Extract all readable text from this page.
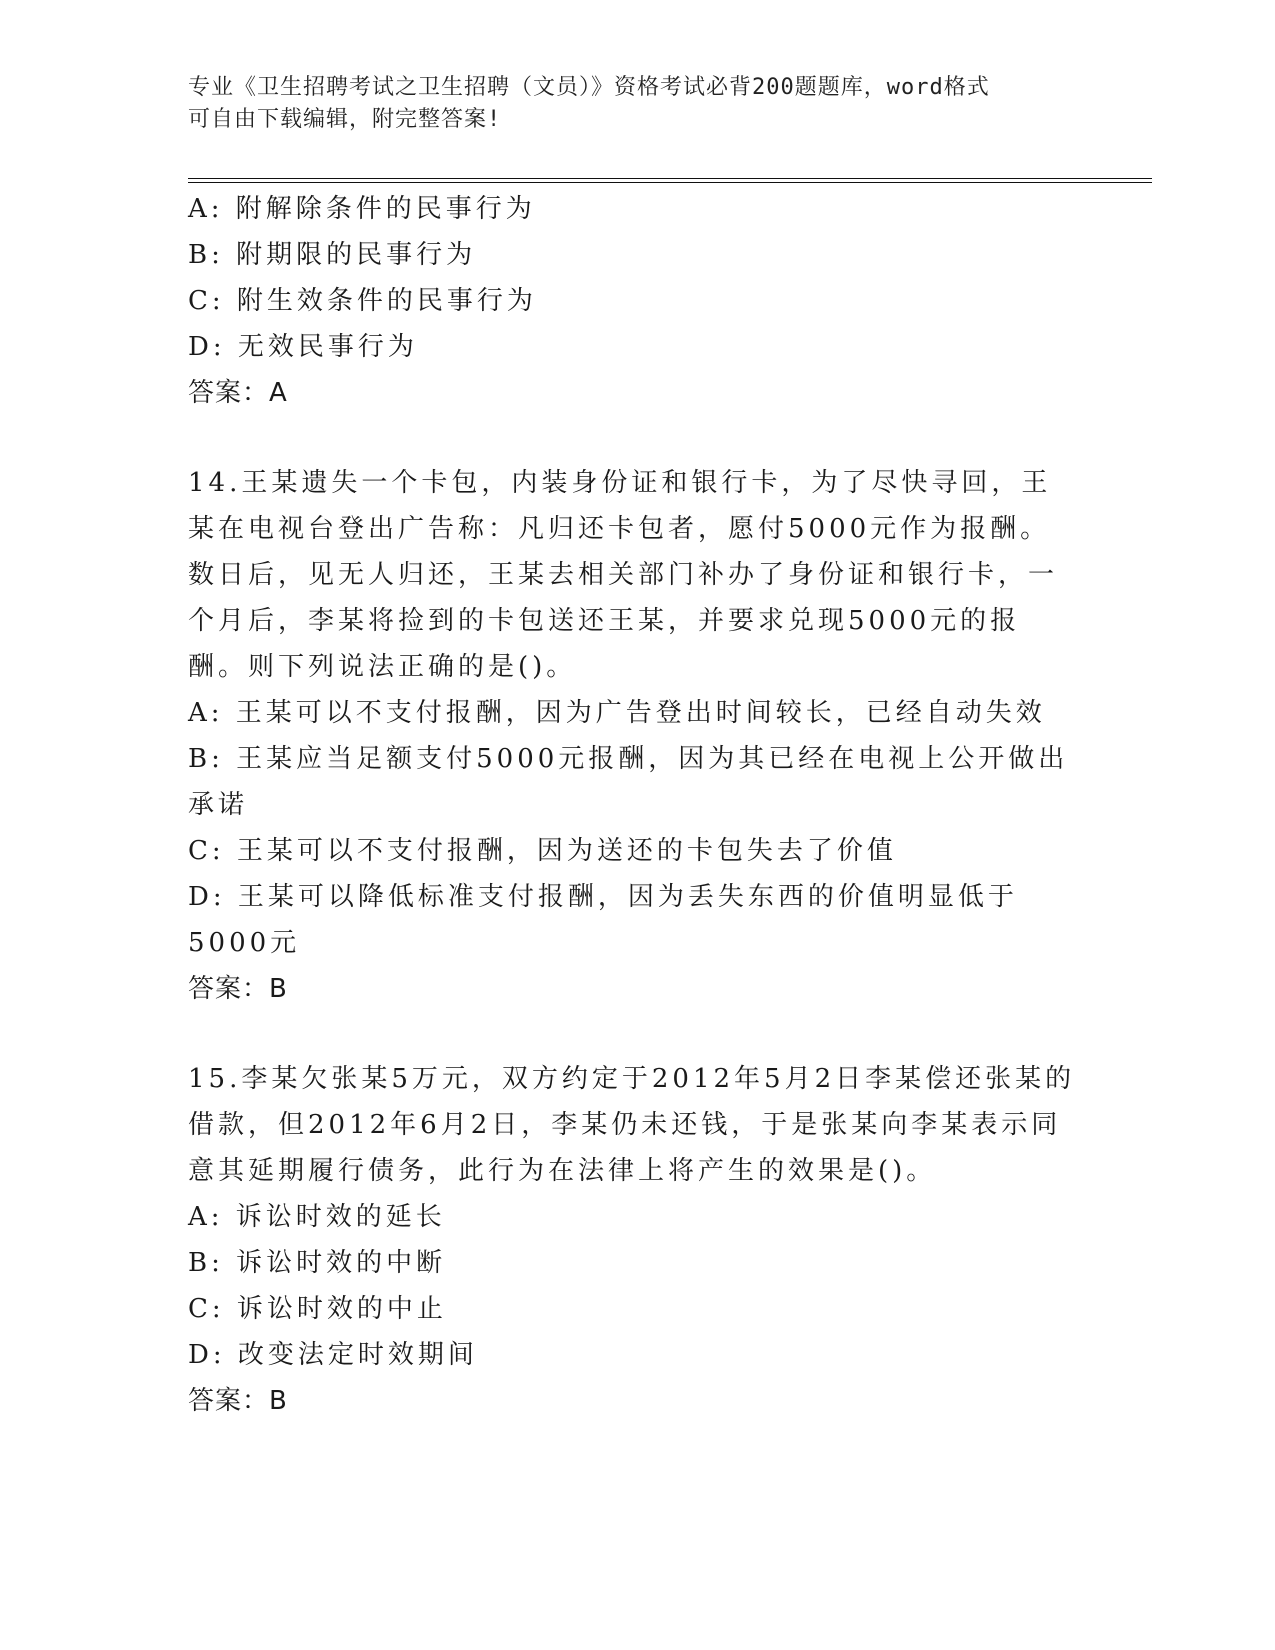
专业《卫生招聘考试之卫生招聘（文员）》资格考试必背200题题库，word格式
可自由下载编辑，附完整答案!
A: 附解除条件的民事行为
B: 附期限的民事行为
C: 附生效条件的民事行为
D: 无效民事行为
答案：A
14.王某遗失一个卡包，内装身份证和银行卡，为了尽快寻回，王某在电视台登出广告称：凡归还卡包者，愿付5000元作为报酬。数日后，见无人归还，王某去相关部门补办了身份证和银行卡，一个月后，李某将捡到的卡包送还王某，并要求兑现5000元的报酬。则下列说法正确的是()。
A: 王某可以不支付报酬，因为广告登出时间较长，已经自动失效
B: 王某应当足额支付5000元报酬，因为其已经在电视上公开做出承诺
C: 王某可以不支付报酬，因为送还的卡包失去了价值
D: 王某可以降低标准支付报酬，因为丢失东西的价值明显低于5000元
答案：B
15.李某欠张某5万元，双方约定于2012年5月2日李某偿还张某的借款，但2012年6月2日，李某仍未还钱，于是张某向李某表示同意其延期履行债务，此行为在法律上将产生的效果是()。
A: 诉讼时效的延长
B: 诉讼时效的中断
C: 诉讼时效的中止
D: 改变法定时效期间
答案：B
